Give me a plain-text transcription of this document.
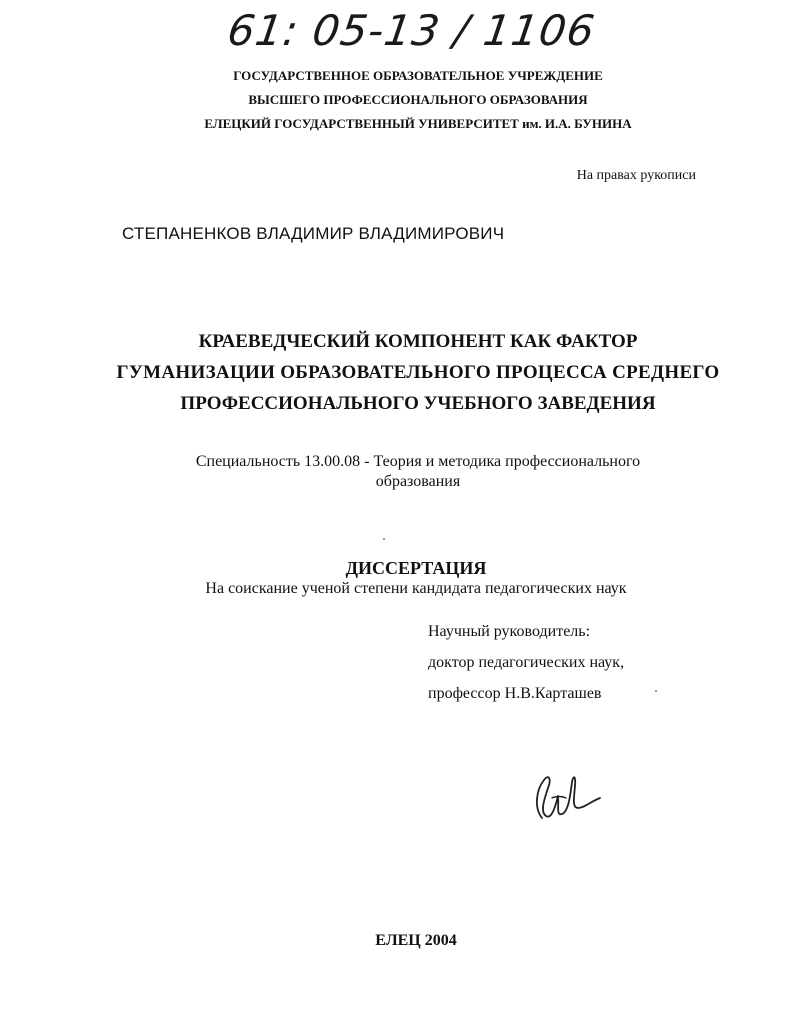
61: 05-13 / 1106
ГОСУДАРСТВЕННОЕ ОБРАЗОВАТЕЛЬНОЕ УЧРЕЖДЕНИЕ
ВЫСШЕГО ПРОФЕССИОНАЛЬНОГО ОБРАЗОВАНИЯ
ЕЛЕЦКИЙ ГОСУДАРСТВЕННЫЙ УНИВЕРСИТЕТ им. И.А. БУНИНА
На правах рукописи
СТЕПАНЕНКОВ ВЛАДИМИР ВЛАДИМИРОВИЧ
КРАЕВЕДЧЕСКИЙ КОМПОНЕНТ КАК ФАКТОР
ГУМАНИЗАЦИИ ОБРАЗОВАТЕЛЬНОГО ПРОЦЕССА СРЕДНЕГО
ПРОФЕССИОНАЛЬНОГО УЧЕБНОГО ЗАВЕДЕНИЯ
Специальность 13.00.08 - Теория и методика профессионального
образования
ДИССЕРТАЦИЯ
На соискание ученой степени кандидата педагогических наук
Научный руководитель:
доктор педагогических наук,
профессор Н.В.Карташев
ЕЛЕЦ 2004
